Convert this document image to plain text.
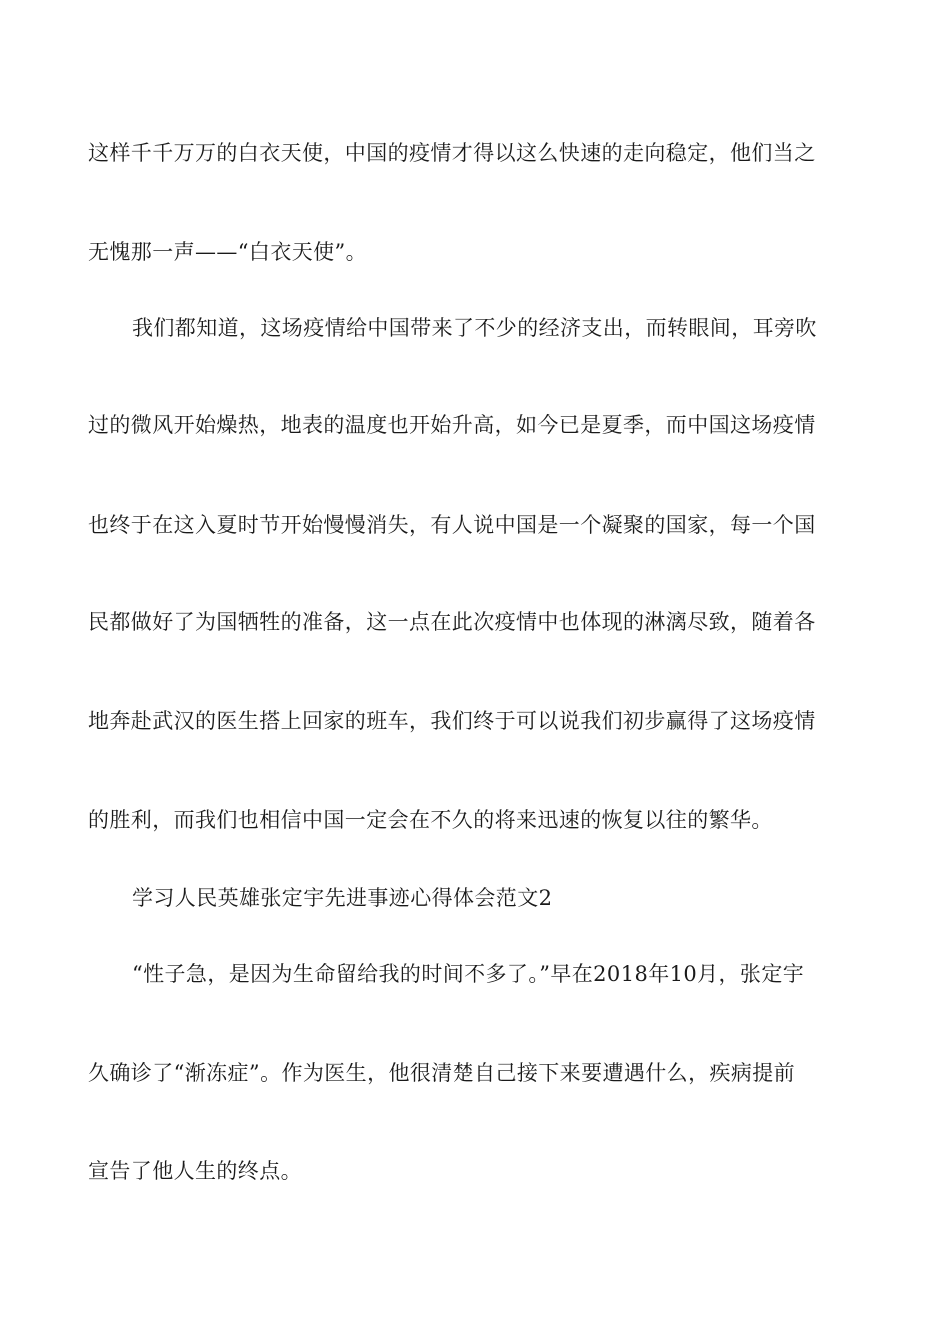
这样千千万万的白衣天使，中国的疫情才得以这么快速的走向稳定，他们当之
无愧那一声——“白衣天使”。
我们都知道，这场疫情给中国带来了不少的经济支出，而转眼间，耳旁吹
过的微风开始燥热，地表的温度也开始升高，如今已是夏季，而中国这场疫情
也终于在这入夏时节开始慢慢消失，有人说中国是一个凝聚的国家，每一个国
民都做好了为国牺牲的准备，这一点在此次疫情中也体现的淋漓尽致，随着各
地奔赴武汉的医生搭上回家的班车，我们终于可以说我们初步赢得了这场疫情
的胜利，而我们也相信中国一定会在不久的将来迅速的恢复以往的繁华。
学习人民英雄张定宇先进事迹心得体会范文2
“性子急，是因为生命留给我的时间不多了。”早在2018年10月，张定宇
久确诊了“渐冻症”。作为医生，他很清楚自己接下来要遭遇什么，疾病提前
宣告了他人生的终点。
